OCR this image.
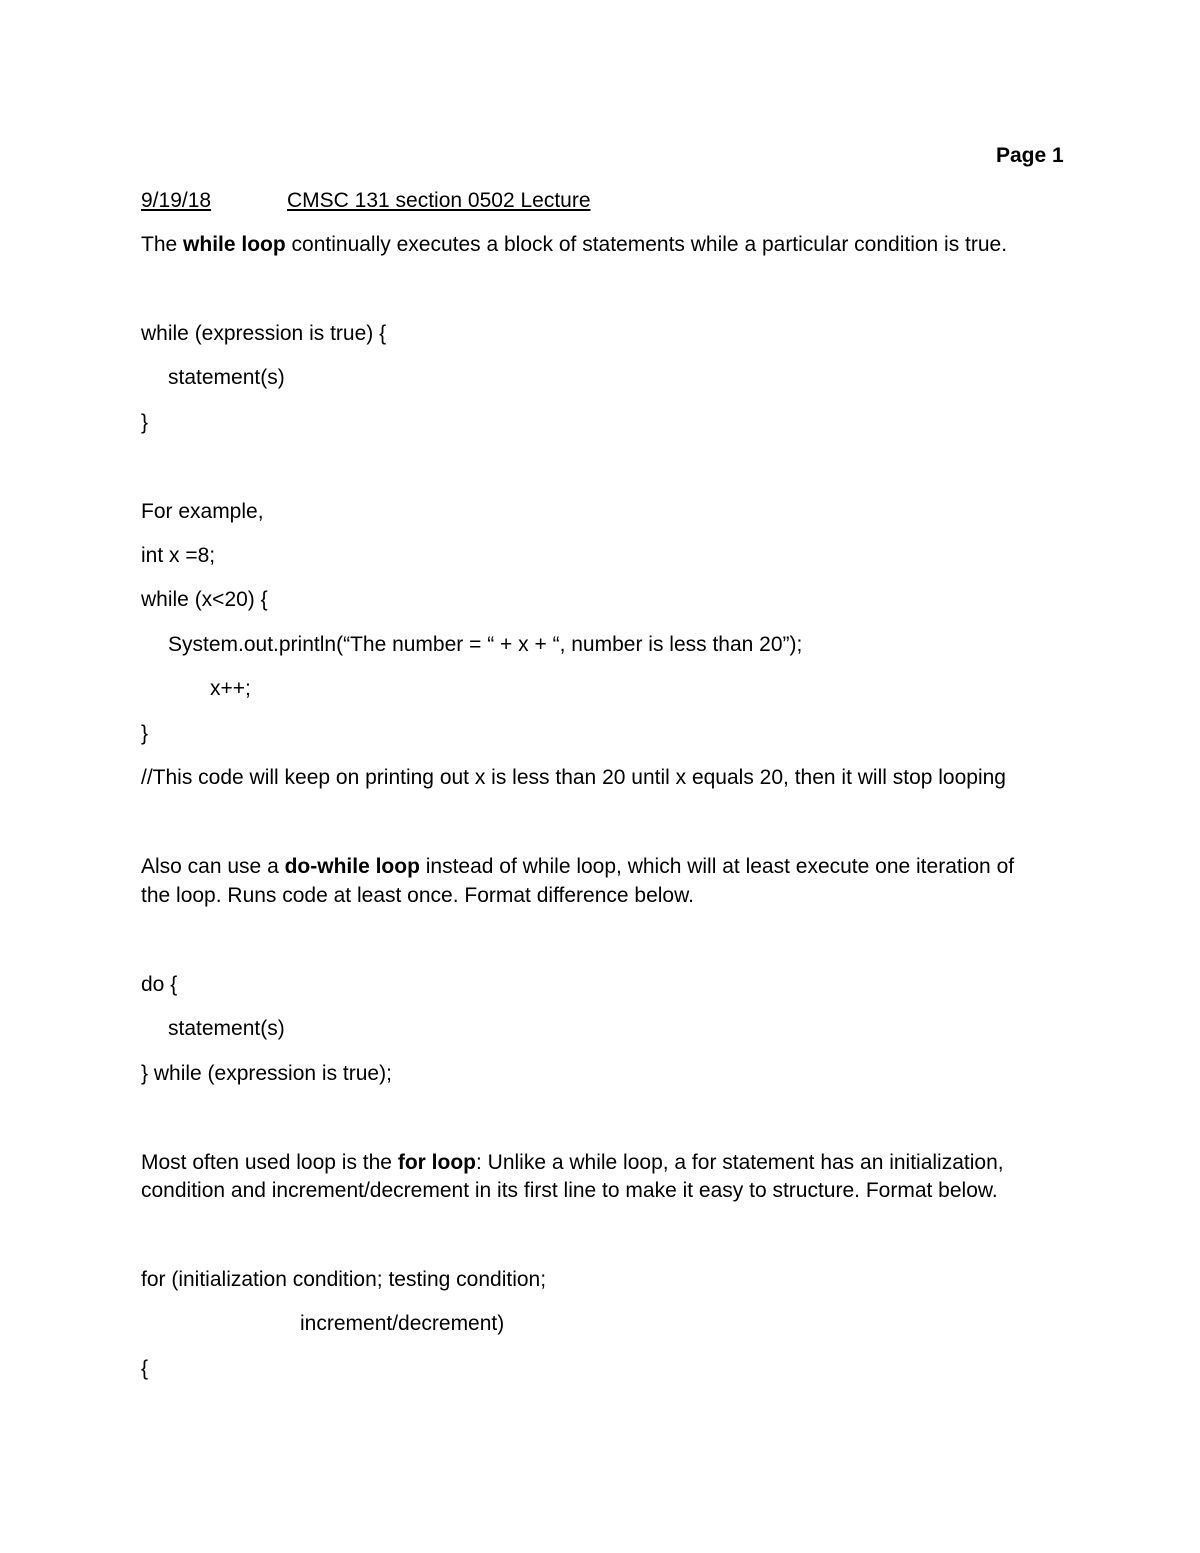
Page 1
9/19/18	CMSC 131 section 0502 Lecture
The while loop continually executes a block of statements while a particular condition is true.
while (expression is true) {
statement(s)
}
For example,
int x =8;
while (x<20) {
System.out.println(“The number = “ + x + “, number is less than 20”);
x++;
}
//This code will keep on printing out x is less than 20 until x equals 20, then it will stop looping
Also can use a do-while loop instead of while loop, which will at least execute one iteration of
the loop. Runs code at least once. Format difference below.
do {
statement(s)
} while (expression is true);
Most often used loop is the for loop: Unlike a while loop, a for statement has an initialization,
condition and increment/decrement in its first line to make it easy to structure. Format below.
for (initialization condition; testing condition;
increment/decrement)
{
